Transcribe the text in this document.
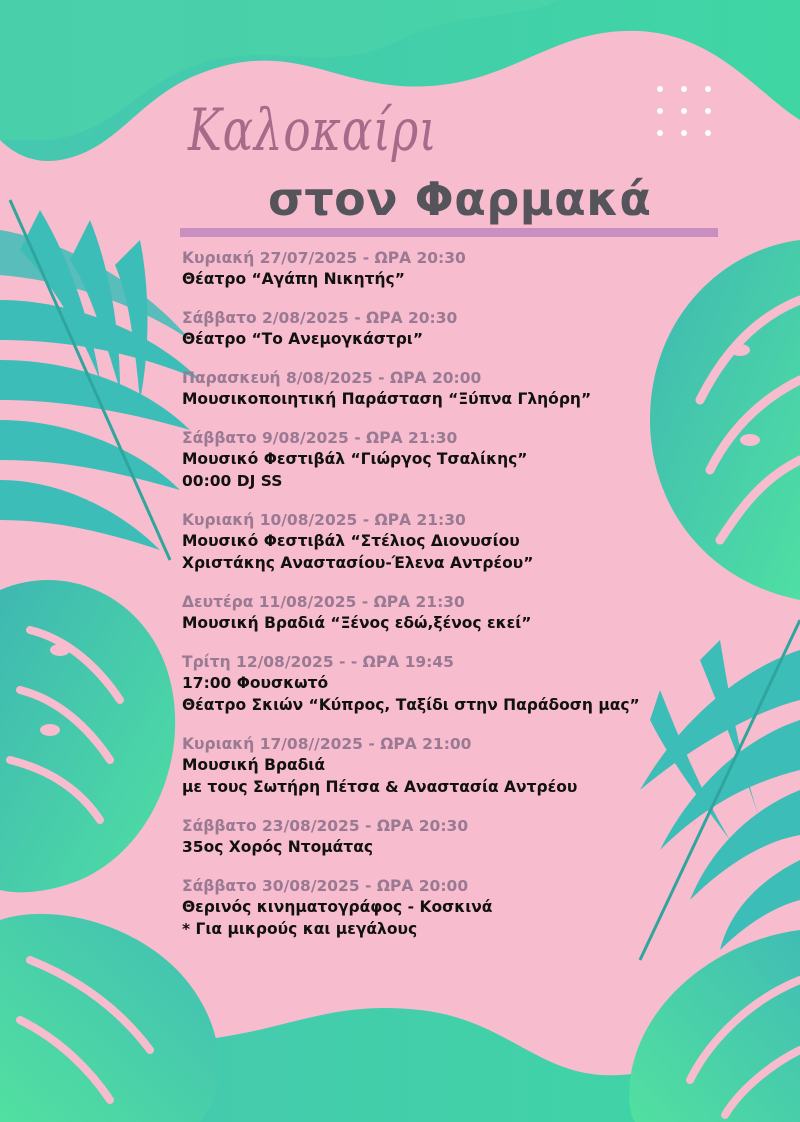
Καλοκαίρι
στον Φαρμακά
Κυριακή 27/07/2025 - ΩΡΑ 20:30
Θέατρο “Αγάπη Νικητής”
Σάββατο 2/08/2025 - ΩΡΑ 20:30
Θέατρο “Το Ανεμογκάστρι”
Παρασκευή 8/08/2025 - ΩΡΑ 20:00
Μουσικοποιητική Παράσταση “Ξύπνα Γληόρη”
Σάββατο 9/08/2025 - ΩΡΑ 21:30
Μουσικό Φεστιβάλ “Γιώργος Τσαλίκης”
00:00 DJ SS
Κυριακή 10/08/2025 - ΩΡΑ 21:30
Μουσικό Φεστιβάλ “Στέλιος Διονυσίου
Χριστάκης Αναστασίου-Έλενα Αντρέου”
Δευτέρα 11/08/2025 - ΩΡΑ 21:30
Μουσική Βραδιά “Ξένος εδώ,ξένος εκεί”
Τρίτη 12/08/2025 - - ΩΡΑ 19:45
17:00 Φουσκωτό
Θέατρο Σκιών “Κύπρος, Ταξίδι στην Παράδοση μας”
Κυριακή 17/08//2025 - ΩΡΑ 21:00
Μουσική Βραδιά
με τους Σωτήρη Πέτσα & Αναστασία Αντρέου
Σάββατο 23/08/2025 - ΩΡΑ 20:30
35ος Χορός Ντομάτας
Σάββατο 30/08/2025 - ΩΡΑ 20:00
Θερινός κινηματογράφος - Κοσκινά
* Για μικρούς και μεγάλους
